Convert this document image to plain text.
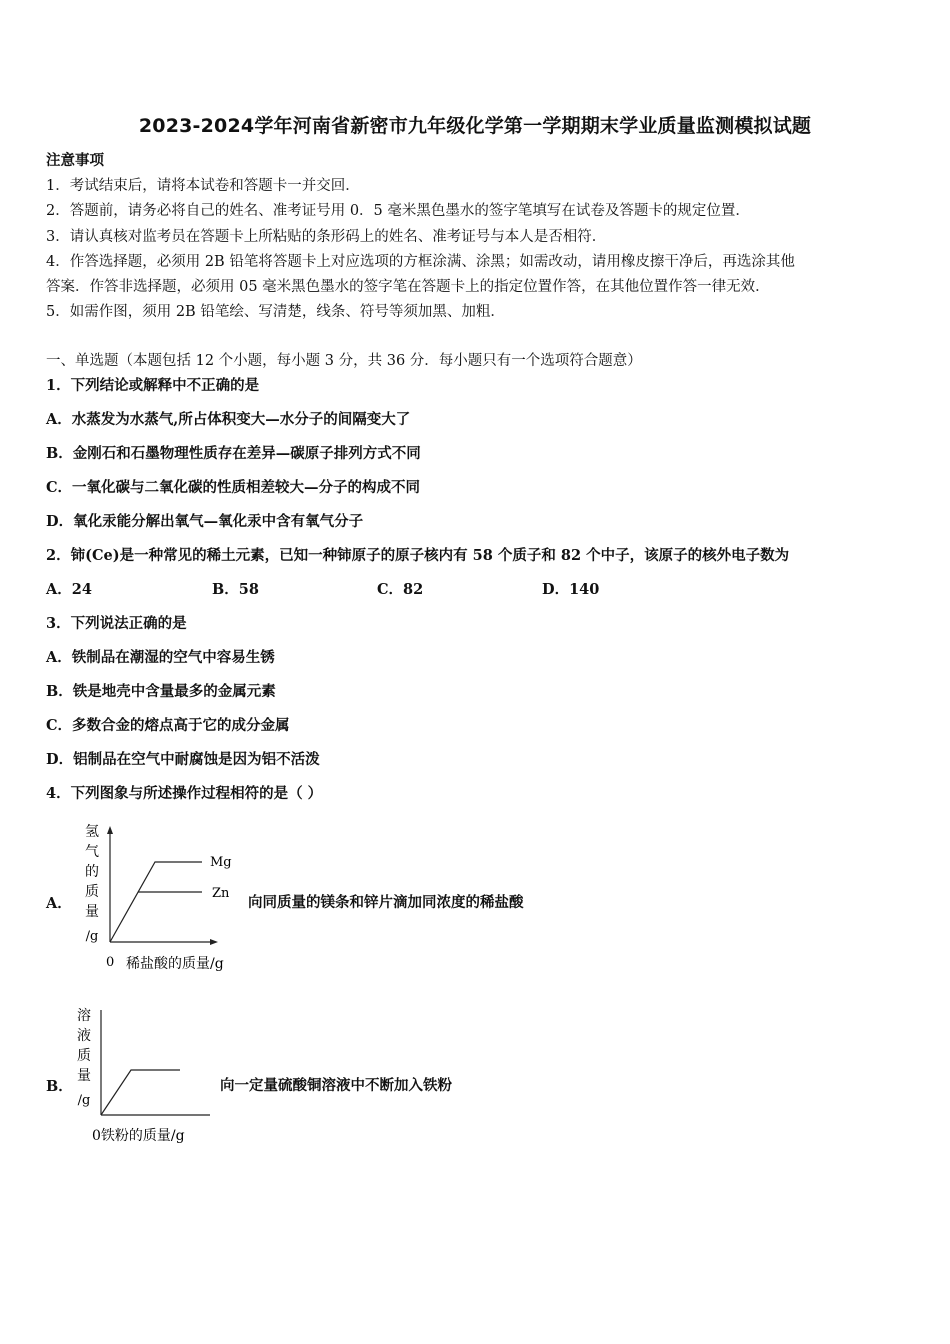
2023-2024学年河南省新密市九年级化学第一学期期末学业质量监测模拟试题
注意事项
1．考试结束后，请将本试卷和答题卡一并交回．
2．答题前，请务必将自己的姓名、准考证号用 0．5 毫米黑色墨水的签字笔填写在试卷及答题卡的规定位置．
3．请认真核对监考员在答题卡上所粘贴的条形码上的姓名、准考证号与本人是否相符．
4．作答选择题，必须用 2B 铅笔将答题卡上对应选项的方框涂满、涂黑；如需改动，请用橡皮擦干净后，再选涂其他
答案．作答非选择题，必须用 05 毫米黑色墨水的签字笔在答题卡上的指定位置作答，在其他位置作答一律无效．
5．如需作图，须用 2B 铅笔绘、写清楚，线条、符号等须加黑、加粗．
一、单选题（本题包括 12 个小题，每小题 3 分，共 36 分．每小题只有一个选项符合题意）
1．下列结论或解释中不正确的是
A．水蒸发为水蒸气,所占体积变大—水分子的间隔变大了
B．金刚石和石墨物理性质存在差异—碳原子排列方式不同
C．一氧化碳与二氧化碳的性质相差较大—分子的构成不同
D．氧化汞能分解出氧气—氧化汞中含有氧气分子
2．铈(Ce)是一种常见的稀土元素，已知一种铈原子的原子核内有 58 个质子和 82 个中子，该原子的核外电子数为
A．24	B．58	C．82	D．140
3．下列说法正确的是
A．铁制品在潮湿的空气中容易生锈
B．铁是地壳中含量最多的金属元素
C．多数合金的熔点高于它的成分金属
D．铝制品在空气中耐腐蚀是因为铝不活泼
4．下列图象与所述操作过程相符的是（ ）
A．
氢
气
的
质
量
/g
Mg
Zn
0 稀盐酸的质量/g
向同质量的镁条和锌片滴加同浓度的稀盐酸
B．
溶
液
质
量
/g
0铁粉的质量/g
向一定量硫酸铜溶液中不断加入铁粉
